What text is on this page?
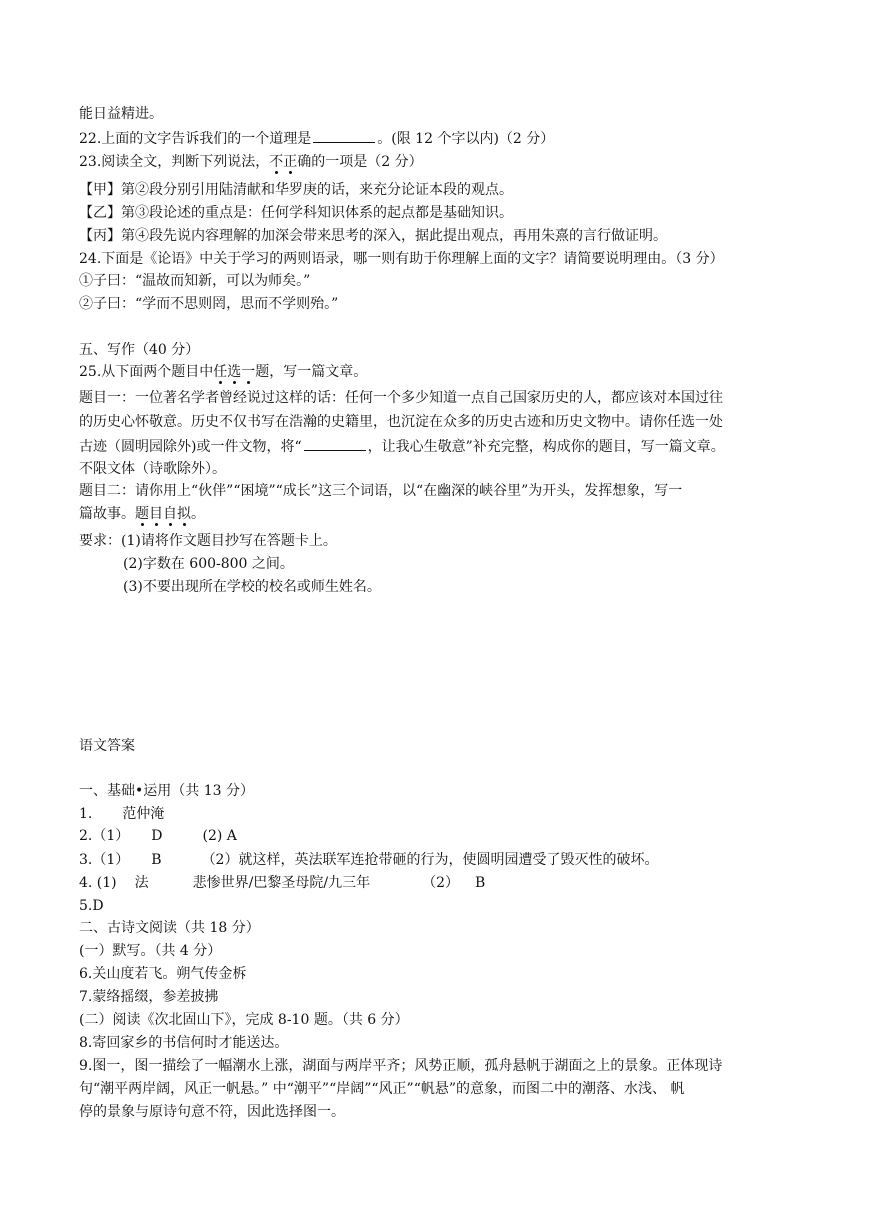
能日益精进。
22.上面的文字告诉我们的一个道理是	。(限 12 个字以内)（2 分）
23.阅读全文，判断下列说法，不正确的一项是（2 分）
【甲】第②段分别引用陆清献和华罗庚的话，来充分论证本段的观点。
【乙】第③段论述的重点是：任何学科知识体系的起点都是基础知识。
【丙】第④段先说内容理解的加深会带来思考的深入，据此提出观点，再用朱熹的言行做证明。
24.下面是《论语》中关于学习的两则语录，哪一则有助于你理解上面的文字？请简要说明理由。（3 分）
①子曰：“温故而知新，可以为师矣。”
②子曰：“学而不思则罔，思而不学则殆。”
五、写作（40 分）
25.从下面两个题目中任选一题，写一篇文章。
题目一：一位著名学者曾经说过这样的话：任何一个多少知道一点自己国家历史的人，都应该对本国过往
的历史心怀敬意。历史不仅书写在浩瀚的史籍里，也沉淀在众多的历史古迹和历史文物中。请你任选一处
古迹（圆明园除外)或一件文物，将“	，让我心生敬意”补充完整，构成你的题目，写一篇文章。
不限文体（诗歌除外）。
题目二：请你用上“伙伴”“困境”“成长”这三个词语，以“在幽深的峡谷里”为开头，发挥想象，写一
篇故事。题目自拟。
要求：(1)请将作文题目抄写在答题卡上。
(2)字数在 600-800 之间。
(3)不要出现所在学校的校名或师生姓名。
语文答案
一、基础•运用（共 13 分）
1. 范仲淹
2.（1） D	(2) A
3.（1） B	（2）就这样，英法联军连抢带砸的行为，使圆明园遭受了毁灭性的破坏。
4. (1) 法	悲惨世界/巴黎圣母院/九三年	（2） B
5.D
二、古诗文阅读（共 18 分）
(一）默写。（共 4 分）
6.关山度若飞。朔气传金柝
7.蒙络摇缀，参差披拂
(二）阅读《次北固山下》，完成 8-10 题。（共 6 分）
8.寄回家乡的书信何时才能送达。
9.图一，图一描绘了一幅潮水上涨，湖面与两岸平齐；风势正顺，孤舟悬帆于湖面之上的景象。正体现诗
句“潮平两岸阔，风正一帆悬。” 中“潮平”“岸阔”“风正”“帆悬”的意象，而图二中的潮落、水浅、 帆
停的景象与原诗句意不符，因此选择图一。
